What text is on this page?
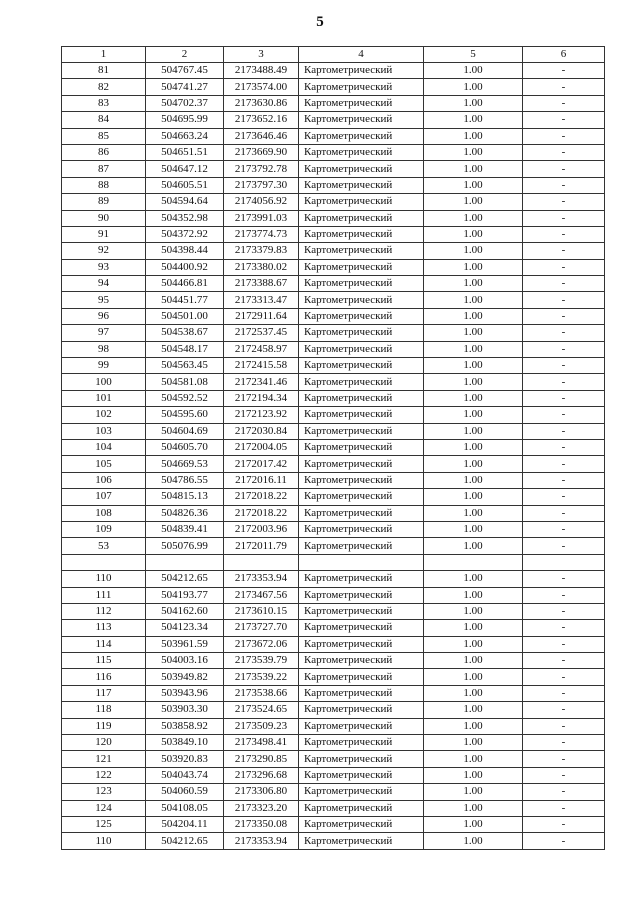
5
1	2	3	4	5	6
81	504767.45	2173488.49	Картометрический	1.00	-
82	504741.27	2173574.00	Картометрический	1.00	-
83	504702.37	2173630.86	Картометрический	1.00	-
84	504695.99	2173652.16	Картометрический	1.00	-
85	504663.24	2173646.46	Картометрический	1.00	-
86	504651.51	2173669.90	Картометрический	1.00	-
87	504647.12	2173792.78	Картометрический	1.00	-
88	504605.51	2173797.30	Картометрический	1.00	-
89	504594.64	2174056.92	Картометрический	1.00	-
90	504352.98	2173991.03	Картометрический	1.00	-
91	504372.92	2173774.73	Картометрический	1.00	-
92	504398.44	2173379.83	Картометрический	1.00	-
93	504400.92	2173380.02	Картометрический	1.00	-
94	504466.81	2173388.67	Картометрический	1.00	-
95	504451.77	2173313.47	Картометрический	1.00	-
96	504501.00	2172911.64	Картометрический	1.00	-
97	504538.67	2172537.45	Картометрический	1.00	-
98	504548.17	2172458.97	Картометрический	1.00	-
99	504563.45	2172415.58	Картометрический	1.00	-
100	504581.08	2172341.46	Картометрический	1.00	-
101	504592.52	2172194.34	Картометрический	1.00	-
102	504595.60	2172123.92	Картометрический	1.00	-
103	504604.69	2172030.84	Картометрический	1.00	-
104	504605.70	2172004.05	Картометрический	1.00	-
105	504669.53	2172017.42	Картометрический	1.00	-
106	504786.55	2172016.11	Картометрический	1.00	-
107	504815.13	2172018.22	Картометрический	1.00	-
108	504826.36	2172018.22	Картометрический	1.00	-
109	504839.41	2172003.96	Картометрический	1.00	-
53	505076.99	2172011.79	Картометрический	1.00	-

110	504212.65	2173353.94	Картометрический	1.00	-
111	504193.77	2173467.56	Картометрический	1.00	-
112	504162.60	2173610.15	Картометрический	1.00	-
113	504123.34	2173727.70	Картометрический	1.00	-
114	503961.59	2173672.06	Картометрический	1.00	-
115	504003.16	2173539.79	Картометрический	1.00	-
116	503949.82	2173539.22	Картометрический	1.00	-
117	503943.96	2173538.66	Картометрический	1.00	-
118	503903.30	2173524.65	Картометрический	1.00	-
119	503858.92	2173509.23	Картометрический	1.00	-
120	503849.10	2173498.41	Картометрический	1.00	-
121	503920.83	2173290.85	Картометрический	1.00	-
122	504043.74	2173296.68	Картометрический	1.00	-
123	504060.59	2173306.80	Картометрический	1.00	-
124	504108.05	2173323.20	Картометрический	1.00	-
125	504204.11	2173350.08	Картометрический	1.00	-
110	504212.65	2173353.94	Картометрический	1.00	-
